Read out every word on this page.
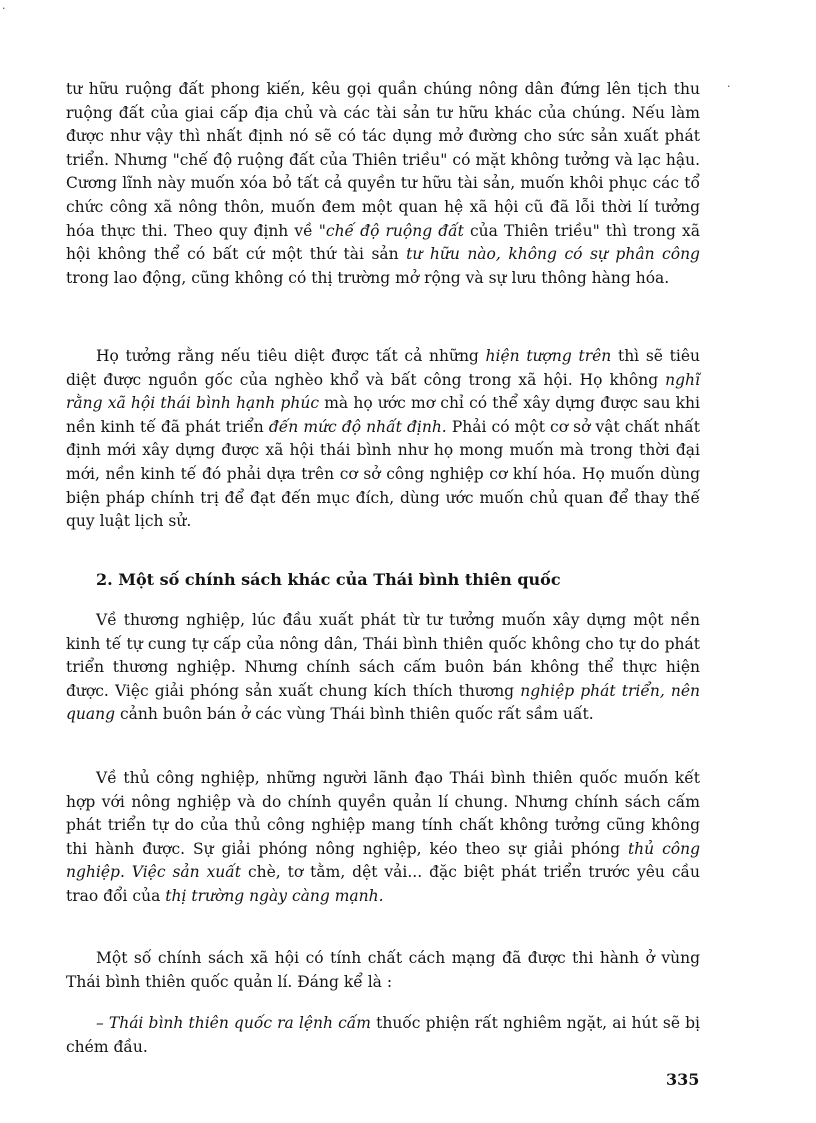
tư hữu ruộng đất phong kiến, kêu gọi quần chúng nông dân đứng lên tịch thu ruộng đất của giai cấp địa chủ và các tài sản tư hữu khác của chúng. Nếu làm được như vậy thì nhất định nó sẽ có tác dụng mở đường cho sức sản xuất phát triển. Nhưng "chế độ ruộng đất của Thiên triều" có mặt không tưởng và lạc hậu. Cương lĩnh này muốn xóa bỏ tất cả quyền tư hữu tài sản, muốn khôi phục các tổ chức công xã nông thôn, muốn đem một quan hệ xã hội cũ đã lỗi thời lí tưởng hóa thực thi. Theo quy định về "chế độ ruộng đất của Thiên triều" thì trong xã hội không thể có bất cứ một thứ tài sản tư hữu nào, không có sự phân công trong lao động, cũng không có thị trường mở rộng và sự lưu thông hàng hóa.

Họ tưởng rằng nếu tiêu diệt được tất cả những hiện tượng trên thì sẽ tiêu diệt được nguồn gốc của nghèo khổ và bất công trong xã hội. Họ không nghĩ rằng xã hội thái bình hạnh phúc mà họ ước mơ chỉ có thể xây dựng được sau khi nền kinh tế đã phát triển đến mức độ nhất định. Phải có một cơ sở vật chất nhất định mới xây dựng được xã hội thái bình như họ mong muốn mà trong thời đại mới, nền kinh tế đó phải dựa trên cơ sở công nghiệp cơ khí hóa. Họ muốn dùng biện pháp chính trị để đạt đến mục đích, dùng ước muốn chủ quan để thay thế quy luật lịch sử.

2. Một số chính sách khác của Thái bình thiên quốc

Về thương nghiệp, lúc đầu xuất phát từ tư tưởng muốn xây dựng một nền kinh tế tự cung tự cấp của nông dân, Thái bình thiên quốc không cho tự do phát triển thương nghiệp. Nhưng chính sách cấm buôn bán không thể thực hiện được. Việc giải phóng sản xuất chung kích thích thương nghiệp phát triển, nên quang cảnh buôn bán ở các vùng Thái bình thiên quốc rất sầm uất.

Về thủ công nghiệp, những người lãnh đạo Thái bình thiên quốc muốn kết hợp với nông nghiệp và do chính quyền quản lí chung. Nhưng chính sách cấm phát triển tự do của thủ công nghiệp mang tính chất không tưởng cũng không thi hành được. Sự giải phóng nông nghiệp, kéo theo sự giải phóng thủ công nghiệp. Việc sản xuất chè, tơ tằm, dệt vải... đặc biệt phát triển trước yêu cầu trao đổi của thị trường ngày càng mạnh.

Một số chính sách xã hội có tính chất cách mạng đã được thi hành ở vùng Thái bình thiên quốc quản lí. Đáng kể là :

– Thái bình thiên quốc ra lệnh cấm thuốc phiện rất nghiêm ngặt, ai hút sẽ bị chém đầu.

335

·
·
